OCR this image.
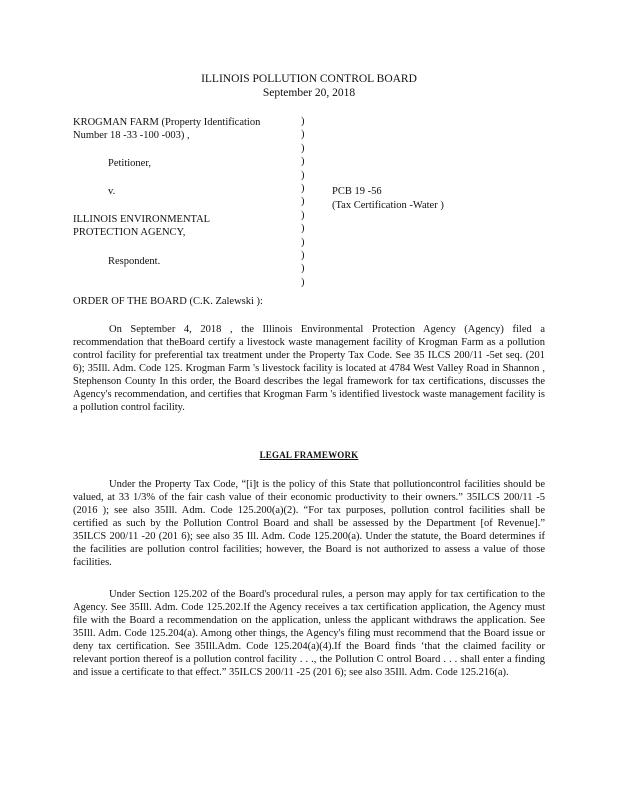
ILLINOIS POLLUTION CONTROL BOARD
September 20, 2018
KROGMAN FARM (Property Identification
Number 18 -33 -100 -003) ,
Petitioner,
v.
ILLINOIS ENVIRONMENTAL
PROTECTION AGENCY,
Respondent.
)
)
)
)
)
)
)
)
)
)
)
)
)
PCB 19 -56
(Tax Certification -Water )
ORDER OF THE BOARD (C.K. Zalewski ):

On September 4, 2018 , the Illinois Environmental Protection Agency (Agency) filed a recommendation that theBoard certify a livestock waste management facility of Krogman Farm as a pollution control facility for preferential tax treatment under the Property Tax Code. See 35 ILCS 200/11 -5et seq. (201 6); 35Ill. Adm. Code 125. Krogman Farm 's livestock facility is located at 4784 West Valley Road in Shannon , Stephenson County In this order, the Board describes the legal framework for tax certifications, discusses the Agency's recommendation, and certifies that Krogman Farm 's identified livestock waste management facility is a pollution control facility.

LEGAL FRAMEWORK

Under the Property Tax Code, “[i]t is the policy of this State that pollutioncontrol facilities should be valued, at 33 1/3% of the fair cash value of their economic productivity to their owners.” 35ILCS 200/11 -5 (2016 ); see also 35Ill. Adm. Code 125.200(a)(2). “For tax purposes, pollution control facilities shall be certified as such by the Pollution Control Board and shall be assessed by the Department [of Revenue].” 35ILCS 200/11 -20 (201 6); see also 35 Ill. Adm. Code 125.200(a). Under the statute, the Board determines if the facilities are pollution control facilities; however, the Board is not authorized to assess a value of those facilities.

Under Section 125.202 of the Board's procedural rules, a person may apply for tax certification to the Agency. See 35Ill. Adm. Code 125.202.If the Agency receives a tax certification application, the Agency must file with the Board a recommendation on the application, unless the applicant withdraws the application. See 35Ill. Adm. Code 125.204(a). Among other things, the Agency's filing must recommend that the Board issue or deny tax certification. See 35Ill.Adm. Code 125.204(a)(4).If the Board finds ‘that the claimed facility or relevant portion thereof is a pollution control facility . . ., the Pollution C ontrol Board . . . shall enter a finding and issue a certificate to that effect.” 35ILCS 200/11 -25 (201 6); see also 35Ill. Adm. Code 125.216(a).
